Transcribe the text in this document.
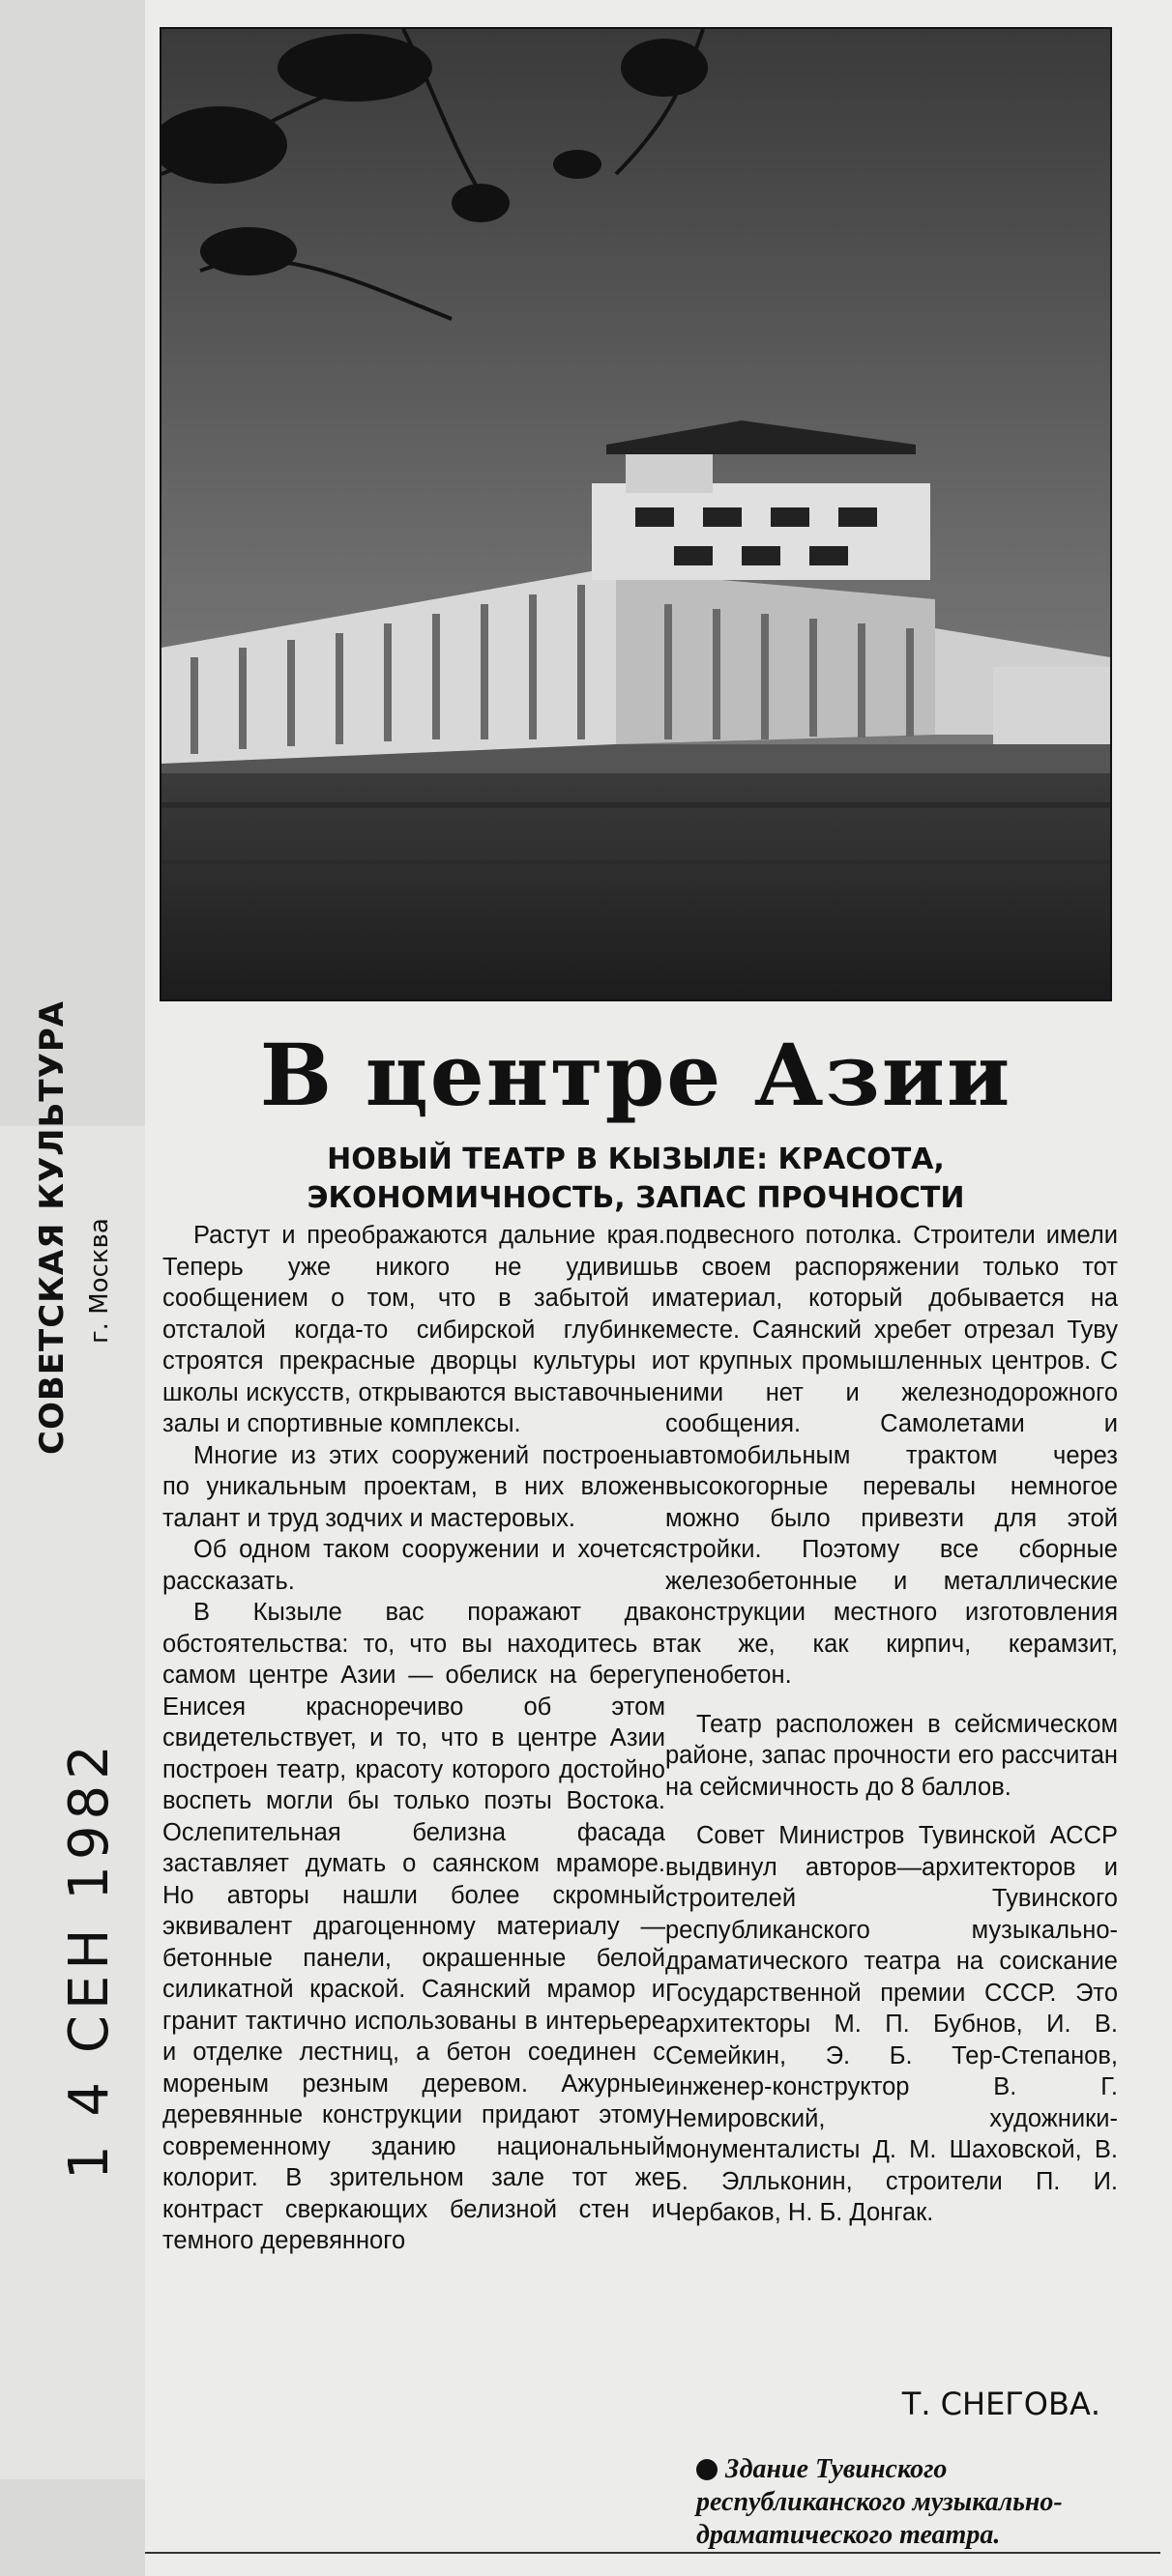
СОВЕТСКАЯ КУЛЬТУРА г. Москва
1 4 СЕН 1982
В центре Азии
НОВЫЙ ТЕАТР В КЫЗЫЛЕ: КРАСОТА,
ЭКОНОМИЧНОСТЬ, ЗАПАС ПРОЧНОСТИ

Растут и преображаются дальние края. Теперь уже никого не удивишь сообщением о том, что в забытой и отсталой когда-то сибирской глубинке строятся прекрасные дворцы культуры и школы искусств, открываются выставочные залы и спортивные комплексы.

Многие из этих сооружений построены по уникальным проектам, в них вложен талант и труд зодчих и мастеровых.

Об одном таком сооружении и хочется рассказать.

В Кызыле вас поражают два обстоятельства: то, что вы находитесь в самом центре Азии — обелиск на берегу Енисея красноречиво об этом свидетельствует, и то, что в центре Азии построен театр, красоту которого достойно воспеть могли бы только поэты Востока. Ослепительная белизна фасада заставляет думать о саянском мраморе. Но авторы нашли более скромный эквивалент драгоценному материалу — бетонные панели, окрашенные белой силикатной краской. Саянский мрамор и гранит тактично использованы в интерьере и отделке лестниц, а бетон соединен с мореным резным деревом. Ажурные деревянные конструкции придают этому современному зданию национальный колорит. В зрительном зале тот же контраст сверкающих белизной стен и темного деревянного

подвесного потолка. Строители имели в своем распоряжении только тот материал, который добывается на месте. Саянский хребет отрезал Туву от крупных промышленных центров. С ними нет и железнодорожного сообщения. Самолетами и автомобильным трактом через высокогорные перевалы немногое можно было привезти для этой стройки. Поэтому все сборные железобетонные и металлические конструкции местного изготовления так же, как кирпич, керамзит, пенобетон.

Театр расположен в сейсмическом районе, запас прочности его рассчитан на сейсмичность до 8 баллов.

Совет Министров Тувинской АССР выдвинул авторов—архитекторов и строителей Тувинского республиканского музыкально-драматического театра на соискание Государственной премии СССР. Это архитекторы М. П. Бубнов, И. В. Семейкин, Э. Б. Тер-Степанов, инженер-конструктор В. Г. Немировский, художники-монументалисты Д. М. Шаховской, В. Б. Элльконин, строители П. И. Чербаков, Н. Б. Донгак.

Т. СНЕГОВА.
Здание Тувинского республиканского музыкально-драматического театра.
